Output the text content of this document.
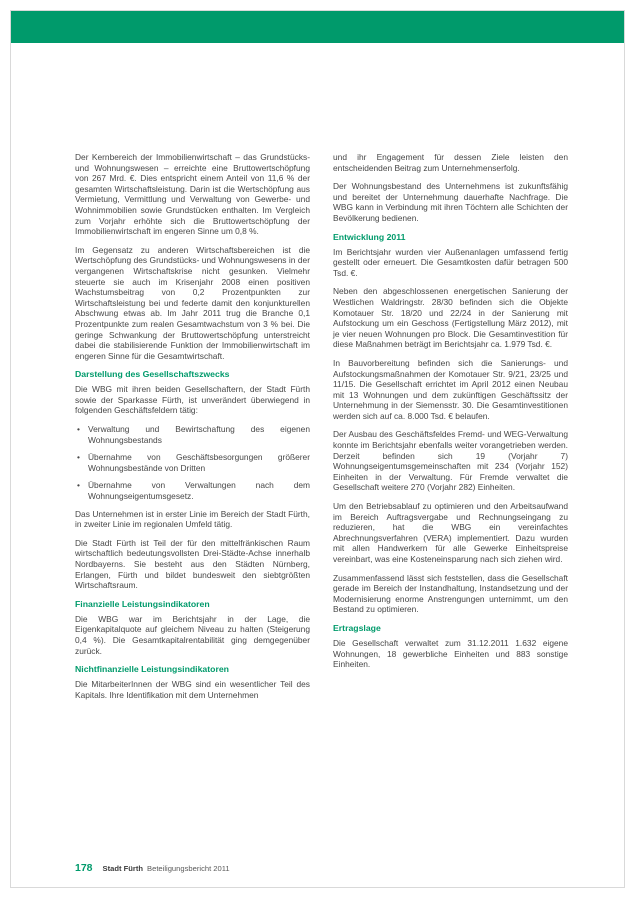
Der Kernbereich der Immobilienwirtschaft – das Grundstücks- und Wohnungswesen – erreichte eine Bruttowertschöpfung von 267 Mrd. €. Dies entspricht einem Anteil von 11,6 % der gesamten Wirtschaftsleistung. Darin ist die Wertschöpfung aus Vermietung, Vermittlung und Verwaltung von Gewerbe- und Wohnimmobilien sowie Grundstücken enthalten. Im Vergleich zum Vorjahr erhöhte sich die Bruttowertschöpfung der Immobilienwirtschaft im engeren Sinne um 0,8 %.

Im Gegensatz zu anderen Wirtschaftsbereichen ist die Wertschöpfung des Grundstücks- und Wohnungswesens in der vergangenen Wirtschaftskrise nicht gesunken. Vielmehr steuerte sie auch im Krisenjahr 2008 einen positiven Wachstumsbeitrag von 0,2 Prozentpunkten zur Wirtschaftsleistung bei und federte damit den konjunkturellen Abschwung etwas ab. Im Jahr 2011 trug die Branche 0,1 Prozentpunkte zum realen Gesamtwachstum von 3 % bei. Die geringe Schwankung der Bruttowertschöpfung unterstreicht dabei die stabilisierende Funktion der Immobilienwirtschaft im engeren Sinne für die Gesamtwirtschaft.

Darstellung des Gesellschaftszwecks

Die WBG mit ihren beiden Gesellschaftern, der Stadt Fürth sowie der Sparkasse Fürth, ist unverändert überwiegend in folgenden Geschäftsfeldern tätig:

•
Verwaltung und Bewirtschaftung des eigenen Wohnungsbestands
•
Übernahme von Geschäftsbesorgungen größerer Wohnungsbestände von Dritten
•
Übernahme von Verwaltungen nach dem Wohnungseigentumsgesetz.

Das Unternehmen ist in erster Linie im Bereich der Stadt Fürth, in zweiter Linie im regionalen Umfeld tätig.

Die Stadt Fürth ist Teil der für den mittelfränkischen Raum wirtschaftlich bedeutungsvollsten Drei-Städte-Achse innerhalb Nordbayerns. Sie besteht aus den Städten Nürnberg, Erlangen, Fürth und bildet bundesweit den siebtgrößten Wirtschaftsraum.

Finanzielle Leistungsindikatoren

Die WBG war im Berichtsjahr in der Lage, die Eigenkapitalquote auf gleichem Niveau zu halten (Steigerung 0,4 %). Die Gesamtkapitalrentabilität ging demgegenüber zurück.

Nichtfinanzielle Leistungsindikatoren

Die MitarbeiterInnen der WBG sind ein wesentlicher Teil des Kapitals. Ihre Identifikation mit dem Unternehmen

und ihr Engagement für dessen Ziele leisten den entscheidenden Beitrag zum Unternehmenserfolg.

Der Wohnungsbestand des Unternehmens ist zukunftsfähig und bereitet der Unternehmung dauerhafte Nachfrage. Die WBG kann in Verbindung mit ihren Töchtern alle Schichten der Bevölkerung bedienen.

Entwicklung 2011

Im Berichtsjahr wurden vier Außenanlagen umfassend fertig gestellt oder erneuert. Die Gesamtkosten dafür betragen 500 Tsd. €.

Neben den abgeschlossenen energetischen Sanierung der Westlichen Waldringstr. 28/30 befinden sich die Objekte Komotauer Str. 18/20 und 22/24 in der Sanierung mit Aufstockung um ein Geschoss (Fertigstellung März 2012), mit je vier neuen Wohnungen pro Block. Die Gesamtinvestition für diese Maßnahmen beträgt im Berichtsjahr ca. 1.979 Tsd. €.

In Bauvorbereitung befinden sich die Sanierungs- und Aufstockungsmaßnahmen der Komotauer Str. 9/21, 23/25 und 11/15. Die Gesellschaft errichtet im April 2012 einen Neubau mit 13 Wohnungen und dem zukünftigen Geschäftssitz der Unternehmung in der Siemensstr. 30. Die Gesamtinvestitionen werden sich auf ca. 8.000 Tsd. € belaufen.

Der Ausbau des Geschäftsfeldes Fremd- und WEG-Verwaltung konnte im Berichtsjahr ebenfalls weiter vorangetrieben werden. Derzeit befinden sich 19 (Vorjahr 7) Wohnungseigentumsgemeinschaften mit 234 (Vorjahr 152) Einheiten in der Verwaltung. Für Fremde verwaltet die Gesellschaft weitere 270 (Vorjahr 282) Einheiten.

Um den Betriebsablauf zu optimieren und den Arbeitsaufwand im Bereich Auftragsvergabe und Rechnungseingang zu reduzieren, hat die WBG ein vereinfachtes Abrechnungsverfahren (VERA) implementiert. Dazu wurden mit allen Handwerkern für alle Gewerke Einheitspreise vereinbart, was eine Kosteneinsparung nach sich ziehen wird.

Zusammenfassend lässt sich feststellen, dass die Gesellschaft gerade im Bereich der Instandhaltung, Instandsetzung und der Modernisierung enorme Anstrengungen unternimmt, um den Bestand zu optimieren.

Ertragslage

Die Gesellschaft verwaltet zum 31.12.2011 1.632 eigene Wohnungen, 18 gewerbliche Einheiten und 883 sonstige Einheiten.

178 Stadt Fürth Beteiligungsbericht 2011
